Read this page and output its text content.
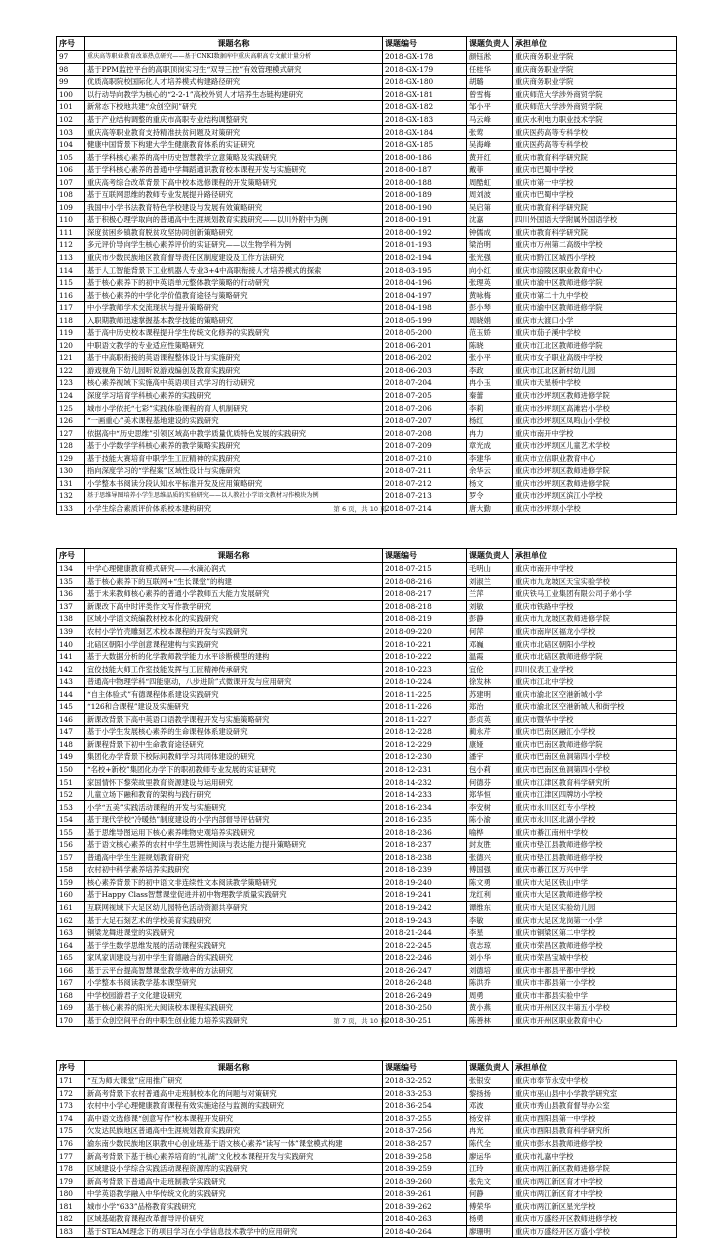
序号	课题名称	课题编号	课题负责人	承担单位
97	重庆高等职业教育改革热点研究——基于CNKI数据库中重庆高职高专文献计量分析	2018-GX-178	颜钰淞	重庆商务职业学院
98	基于PPM监控平台的高职顶岗实习生“双导三控”有效管理模式研究	2018-GX-179	任桂华	重庆商务职业学院
99	优质高职院校国际化人才培养模式构建路径研究	2018-GX-180	胡璐	重庆商务职业学院
100	以行动导向教学为核心的“2-2-1”高校外贸人才培养生态链构建研究	2018-GX-181	曾雪梅	重庆师范大学涉外商贸学院
101	新常态下校地共建“众创空间”研究	2018-GX-182	邹小平	重庆师范大学涉外商贸学院
102	基于产业结构调整的重庆市高职专业结构调整研究	2018-GX-183	马云峰	重庆水利电力职业技术学院
103	重庆高等职业教育支持精准扶贫问题及对策研究	2018-GX-184	张莺	重庆医药高等专科学校
104	健康中国背景下构建大学生健康教育体系的实证研究	2018-GX-185	吴海峰	重庆医药高等专科学校
105	基于学科核心素养的高中历史智慧教学立意策略及实践研究	2018-00-186	黄开红	重庆市教育科学研究院
106	基于学科核心素养的普通中学舞蹈通识教育校本课程开发与实施研究	2018-00-187	戴菲	重庆市巴蜀中学校
107	重庆高考综合改革背景下高中校本选修课程的开发策略研究	2018-00-188	周酷虹	重庆市第一中学校
108	基于互联网思维的教师专业发展提升路径研究	2018-00-189	周刘波	重庆市巴蜀中学校
109	我国中小学书法教育特色学校建设与发展有效策略研究	2018-00-190	吴启第	重庆市教育科学研究院
110	基于积极心理学取向的普通高中生涯规划教育实践研究——以川外附中为例	2018-00-191	沈嘉	四川外国语大学附属外国语学校
111	深度贫困乡镇教育脱贫攻坚协同创新策略研究	2018-00-192	钟儒成	重庆市教育科学研究院
112	多元评价导向学生核心素养评价的实证研究——以生物学科为例	2018-01-193	梁治明	重庆市万州第二高级中学校
113	重庆市少数民族地区教育督导责任区制度建设及工作方法研究	2018-02-194	张光强	重庆市黔江区城西小学校
114	基于人工智能背景下工业机器人专业3+4中高职衔接人才培养模式的探索	2018-03-195	向小红	重庆市涪陵区职业教育中心
115	基于核心素养下的初中英语单元整体教学策略的行动研究	2018-04-196	张理英	重庆市渝中区教师进修学院
116	基于核心素养的中学化学价值教育途径与策略研究	2018-04-197	黄咏梅	重庆市第二十九中学校
117	中小学教师学术交流现状与提升策略研究	2018-04-198	彭小琴	重庆市渝中区教师进修学院
118	入职期教师迅速掌握基本教学技能的策略研究	2018-05-199	周晓娟	重庆市大渡口小学
119	基于高中历史校本课程提升学生传统文化修养的实践研究	2018-05-200	范玉娇	重庆市茄子溪中学校
120	中职语文教学的专业适应性策略研究	2018-06-201	陈晓	重庆市江北区教师进修学院
121	基于中高职衔接的英语课程整体设计与实施研究	2018-06-202	张小平	重庆市女子职业高级中学校
122	游戏视角下幼儿园听说游戏编创及教育实践研究	2018-06-203	李政	重庆市江北区新村幼儿园
123	核心素养视域下实施高中英语项目式学习的行动研究	2018-07-204	冉小玉	重庆市天星桥中学校
124	深度学习培育学科核心素养的实践研究	2018-07-205	秦蕾	重庆市沙坪坝区教师进修学院
125	城市小学依托“七彩”实践体验课程的育人机制研究	2018-07-206	李莉	重庆市沙坪坝区高滩岩小学校
126	“一画重心”美术课程基地建设的实践研究	2018-07-207	杨红	重庆市沙坪坝区凤鸣山小学校
127	依据高中“历史思维”引领区域高中教学质量优质特色发展的实践研究	2018-07-208	冉力	重庆市南开中学校
128	基于小学数学学科核心素养的教学策略实践研究	2018-07-209	章光成	重庆市沙坪坝区儿童艺术学校
129	基于技能大赛培育中职学生工匠精神的实践研究	2018-07-210	李建华	重庆市立信职业教育中心
130	指向深度学习的“学程案”区域性设计与实施研究	2018-07-211	余华云	重庆市沙坪坝区教师进修学院
131	小学整本书阅读分段认知水平标准开发及应用策略研究	2018-07-212	杨文	重庆市沙坪坝区教师进修学院
132	基于思维导图培养小学生思维品质的实验研究——以人教社小学语文教材习作模块为例	2018-07-213	罗令	重庆市沙坪坝区滨江小学校
133	小学生综合素质评价体系校本建构研究	2018-07-214	唐大勤	重庆市沙坪坝小学校
第 6 页，共 10 页
序号	课题名称	课题编号	课题负责人	承担单位
134	中学心理健康教育模式研究——水滴沁润式	2018-07-215	毛明山	重庆市南开中学校
135	基于核心素养下的互联网+“生长课堂”的构建	2018-08-216	刘淑兰	重庆市九龙坡区天宝实验学校
136	基于未来教师核心素养的普通小学教师五大能力发展研究	2018-08-217	兰萍	重庆铁马工业集团有限公司子弟小学
137	新课改下高中时评类作文写作教学研究	2018-08-218	刘敏	重庆市铁路中学校
138	区域小学语文统编教材校本化的实践研究	2018-08-219	彭静	重庆市九龙坡区教师进修学院
139	农村小学竹壳雕刻艺术校本课程的开发与实践研究	2018-09-220	何萍	重庆市南岸区福龙小学校
140	北碚区朝阳小学创意课程建构与实践研究	2018-10-221	邓巍	重庆市北碚区朝阳小学校
141	基于大数据分析的化学教师教学能力水平诊断模型的建构	2018-10-222	温霞	重庆市北碚区教师进修学院
142	宜佼技能大师工作室技能发挥与工匠精神传承研究	2018-10-223	宜伦	四川仪表工业学校
143	普通高中物理学科“四能驱动，八步进阶”式微课开发与应用研究	2018-10-224	徐发林	重庆市江北中学校
144	“自主体验式”有德课程体系建设实践研究	2018-11-225	苏建明	重庆市渝北区空港新城小学
145	“126和合课程”建设及实施研究	2018-11-226	郑治	重庆市渝北区空港新城人和街学校
146	新课改背景下高中英语口语教学课程开发与实施策略研究	2018-11-227	彭贞英	重庆市暨华中学校
147	基于小学生发展核心素养的生命课程体系建设研究	2018-12-228	蔺永芹	重庆市巴南区融汇小学校
148	新课程背景下初中生命教育途径研究	2018-12-229	康娅	重庆市巴南区教师进修学院
149	集团化办学背景下校际间教师学习共同体建设的研究	2018-12-230	潘宇	重庆市巴南区鱼洞第四小学校
150	“名校+新校”集团化办学下的职初教师专业发展的实证研究	2018-12-231	包小莉	重庆市巴南区鱼洞第四小学校
151	家国情怀下黎荣故里教育资源建设与运用研究	2018-14-232	何德芬	重庆市江津区教育科学研究所
152	儿童立场下融和教育的架构与践行研究	2018-14-233	郑华恒	重庆市江津区四牌坊小学校
153	小学“五美”实践活动课程的开发与实施研究	2018-16-234	李安树	重庆市永川区红专小学校
154	基于现代学校“冷暖热”制度建设的小学内部督导评估研究	2018-16-235	陈小渝	重庆市永川区北湖小学校
155	基于思维导图运用下核心素养唯物史观培养实践研究	2018-18-236	喻桦	重庆市綦江南州中学校
156	基于语文核心素养的农村中学生思辨性阅读与表达能力提升策略研究	2018-18-237	封友胜	重庆市垫江县教师进修学校
157	普通高中学生生涯规划教育研究	2018-18-238	张德兴	重庆市垫江县教师进修学校
158	农村初中科学素养培养实践研究	2018-18-239	傅国强	重庆市綦江区万兴中学
159	核心素养背景下的初中语文非连续性文本阅读教学策略研究	2018-19-240	陈文勇	重庆市大足区铁山中学
160	基于Happy Class智慧课堂促进并初中物理教学质量实践研究	2018-19-241	龙红利	重庆市大足区教师进修学校
161	互联网视域下大足区幼儿园特色活动资源共享研究	2018-19-242	谭维东	重庆市大足区实验幼儿园
162	基于大足石刻艺术的学校美育实践研究	2018-19-243	李敏	重庆市大足区龙岗第一小学
163	铜梁龙舞进课堂的实践研究	2018-21-244	李星	重庆市铜梁区第二中学校
164	基于学生数学思维发展的活动课程实践研究	2018-22-245	袁志琼	重庆市荣昌区教师进修学校
165	家风家训建设与初中学生育德融合的实践研究	2018-22-246	刘小华	重庆市荣昌宝城中学校
166	基于云平台提高智慧课堂教学效率的方法研究	2018-26-247	刘德培	重庆市丰都县平都中学校
167	小学整本书阅读教学基本课型研究	2018-26-248	陈洪乔	重庆市丰都县第一小学校
168	中学校园游君子文化建设研究	2018-26-249	周勇	重庆市丰都县实验中学
169	基于核心素养的阳光大阅读校本课程实践研究	2018-30-250	黄小燕	重庆市开州区汉丰第五小学校
170	基于众创空间平台的中职生创业能力培养实践研究	2018-30-251	陈善林	重庆市开州区职业教育中心
第 7 页，共 10 页
序号	课题名称	课题编号	课题负责人	承担单位
171	“互为师大课堂”应用推广研究	2018-32-252	张银安	重庆市奉节永安中学校
172	新高考背景下农村普通高中走班制校本化的问题与对策研究	2018-33-253	黎扬扬	重庆市巫山县中小学教学研究室
173	农村中小学心理健康教育课程有效实施途径与监测的实践研究	2018-36-254	邓波	重庆市秀山县教育督导办公室
174	高中语文选修课“创意写作”校本课程开发研究	2018-37-255	杨安祥	重庆市酉阳县第一中学校
175	欠发达民族地区普通高中生涯规划教育实践研究	2018-37-256	冉光	重庆市酉阳县教育科学研究所
176	渝东南少数民族地区职教中心创业班基于语文核心素养“读写一体”课堂模式构建	2018-38-257	陈代全	重庆市彭水县教师进修学校
177	新高考背景下基于核心素养培育的“礼湖”文化校本课程开发与实践研究	2018-39-258	廖运华	重庆市礼嘉中学校
178	区域建设小学综合实践活动课程资源库的实践研究	2018-39-259	江玲	重庆市两江新区教师进修学院
179	新高考背景下普通高中走班制教学实践研究	2018-39-260	张先文	重庆市两江新区育才中学校
180	中学英语教学融入中华传统文化的实践研究	2018-39-261	何静	重庆市两江新区育才中学校
181	城市小学“633”品格教育实践研究	2018-39-262	傅荣华	重庆市两江新区星光学校
182	区域基础教育课程改革督导评价研究	2018-40-263	杨勇	重庆市万盛经开区教师进修学校
183	基于STEAM理念下的项目学习在小学信息技术教学中的应用研究	2018-40-264	廖珊明	重庆市万盛经开区万盛小学校
